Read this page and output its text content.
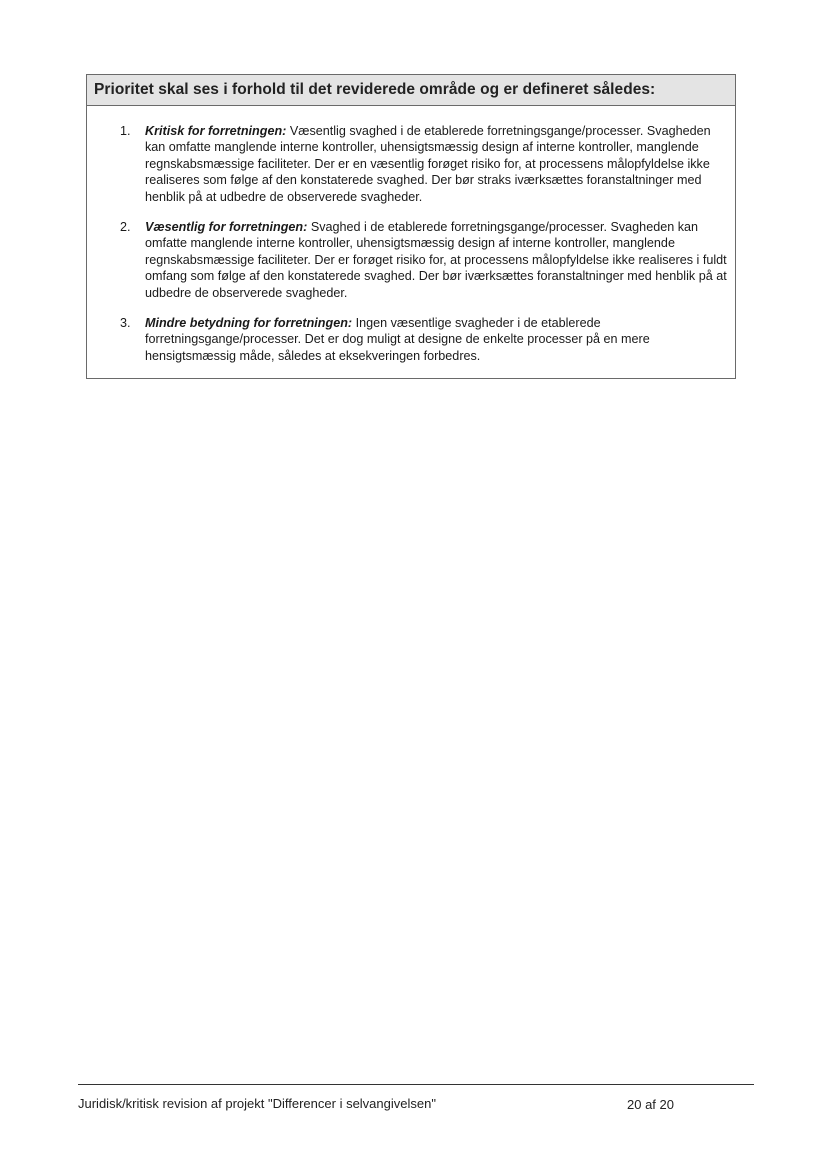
Prioritet skal ses i forhold til det reviderede område og er defineret således:
1. Kritisk for forretningen: Væsentlig svaghed i de etablerede forretningsgange/processer. Svagheden kan omfatte manglende interne kontroller, uhensigtsmæssig design af interne kontroller, manglende regnskabsmæssige faciliteter. Der er en væsentlig forøget risiko for, at processens målopfyldelse ikke realiseres som følge af den konstaterede svaghed. Der bør straks iværksættes foranstaltninger med henblik på at udbedre de observerede svagheder.
2. Væsentlig for forretningen: Svaghed i de etablerede forretningsgange/processer. Svagheden kan omfatte manglende interne kontroller, uhensigtsmæssig design af interne kontroller, manglende regnskabsmæssige faciliteter. Der er forøget risiko for, at processens målopfyldelse ikke realiseres i fuldt omfang som følge af den konstaterede svaghed. Der bør iværksættes foranstaltninger med henblik på at udbedre de observerede svagheder.
3. Mindre betydning for forretningen: Ingen væsentlige svagheder i de etablerede forretningsgange/processer. Det er dog muligt at designe de enkelte processer på en mere hensigtsmæssig måde, således at eksekveringen forbedres.
Juridisk/kritisk revision af projekt "Differencer i selvangivelsen"	20 af 20
